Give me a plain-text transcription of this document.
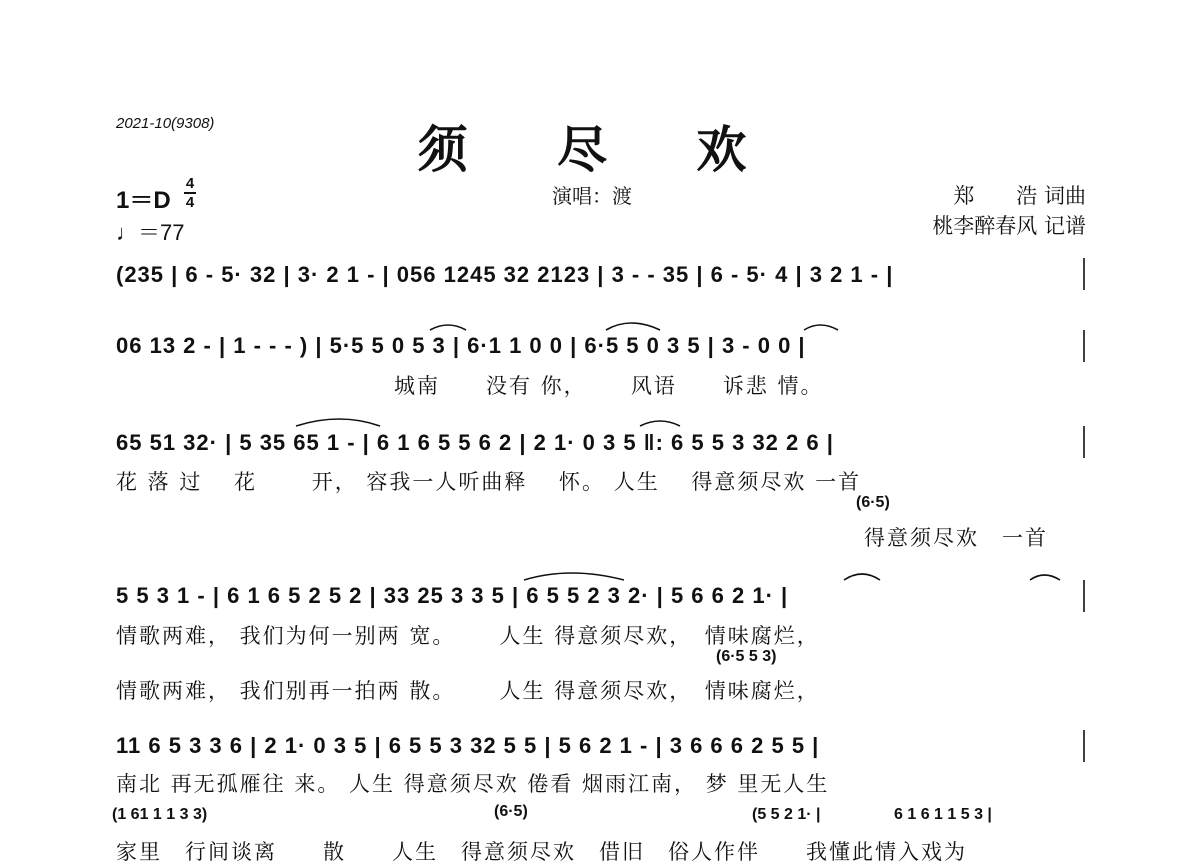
2021-10(9308)	须 尽 欢
演唱：渡
1＝D
4
4
♩＝77
郑　　浩 词曲
桃李醉春风 记谱
(235 | 6 - 5· 32 | 3· 2 1 - | 056 1245 32 2123 | 3 - - 35 | 6 - 5· 4 | 3 2 1 - |
06 13 2 - | 1 - - - ) | 5·5 5 0 5 3 | 6·1 1 0 0 | 6·5 5 0 3 5 | 3 - 0 0 |
城南　　没有 你，　　 风语　　诉悲 情。
65 51 32· | 5 35 65 1 - | 6 1 6 5 5 6 2 | 2 1· 0 3 5 ‖: 6 5 5 3 32 2 6 |
花 落 过 　花 　　开， 容我一人听曲释 　怀。 人生 　得意须尽欢 一首
(6·5)
得意须尽欢　一首
5 5 3 1 - | 6 1 6 5 2 5 2 | 33 25 3 3 5 | 6 5 5 2 3 2· | 5 6 6 2 1· |
情歌两难， 我们为何一别两 宽。　　 人生 得意须尽欢，　情味腐烂，
(6·5 5 3)
情歌两难， 我们别再一拍两 散。　　 人生 得意须尽欢，　情味腐烂，
11 6 5 3 3 6 | 2 1· 0 3 5 | 6 5 5 3 32 5 5 | 5 6 2 1 - | 3 6 6 6 2 5 5 |
南北 再无孤雁往 来。 人生 得意须尽欢 倦看 烟雨江南， 梦 里无人生
(1 61 1 1 3 3)	(6·5)	(5 5 2 1· |	6 1 6 1 1 5 3 |
家里　行间谈离　　散　　人生　得意须尽欢　借旧　俗人作伴　　我懂此情入戏为
